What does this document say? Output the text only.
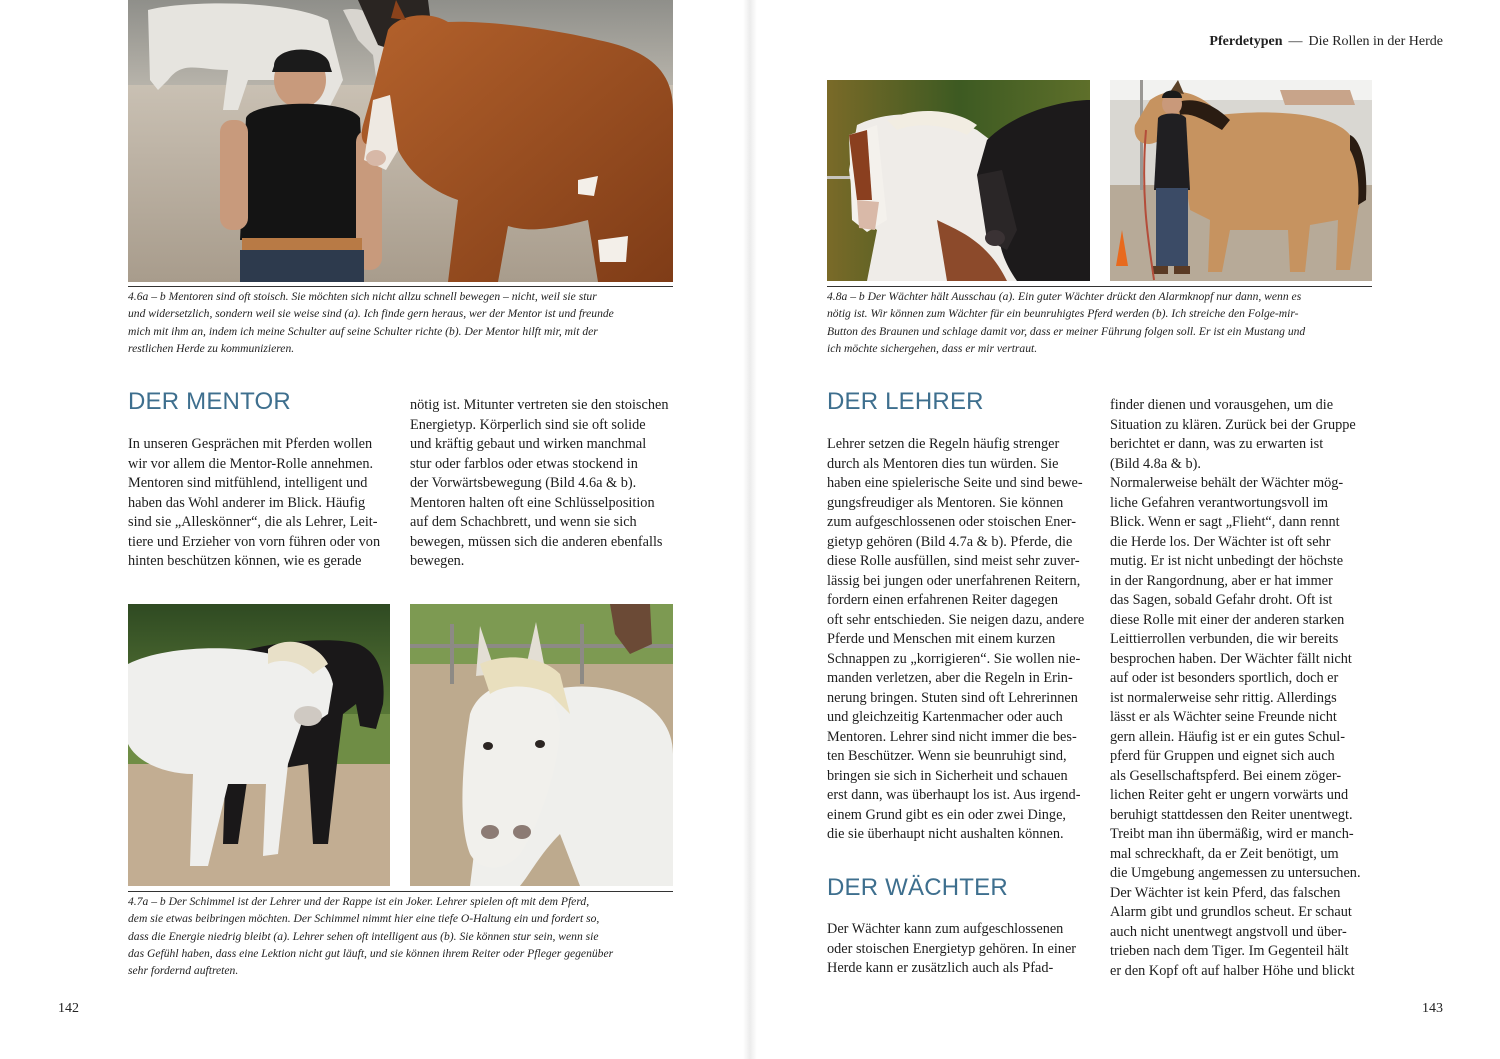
4.6a – b Mentoren sind oft stoisch. Sie möchten sich nicht allzu schnell bewegen – nicht, weil sie stur
und widersetzlich, sondern weil sie weise sind (a). Ich finde gern heraus, wer der Mentor ist und freunde
mich mit ihm an, indem ich meine Schulter auf seine Schulter richte (b). Der Mentor hilft mir, mit der
restlichen Herde zu kommunizieren.
DER MENTOR
In unseren Gesprächen mit Pferden wollen
wir vor allem die Mentor-Rolle annehmen.
Mentoren sind mitfühlend, intelligent und
haben das Wohl anderer im Blick. Häufig
sind sie „Alleskönner“, die als Lehrer, Leit-
tiere und Erzieher von vorn führen oder von
hinten beschützen können, wie es gerade
nötig ist. Mitunter vertreten sie den stoischen
Energietyp. Körperlich sind sie oft solide
und kräftig gebaut und wirken manchmal
stur oder farblos oder etwas stockend in
der Vorwärtsbewegung (Bild 4.6a & b).
Mentoren halten oft eine Schlüsselposition
auf dem Schachbrett, und wenn sie sich
bewegen, müssen sich die anderen ebenfalls
bewegen.
4.7a – b Der Schimmel ist der Lehrer und der Rappe ist ein Joker. Lehrer spielen oft mit dem Pferd,
dem sie etwas beibringen möchten. Der Schimmel nimmt hier eine tiefe O-Haltung ein und fordert so,
dass die Energie niedrig bleibt (a). Lehrer sehen oft intelligent aus (b). Sie können stur sein, wenn sie
das Gefühl haben, dass eine Lektion nicht gut läuft, und sie können ihrem Reiter oder Pfleger gegenüber
sehr fordernd auftreten.
142
Pferdetypen — Die Rollen in der Herde
4.8a – b Der Wächter hält Ausschau (a). Ein guter Wächter drückt den Alarmknopf nur dann, wenn es
nötig ist. Wir können zum Wächter für ein beunruhigtes Pferd werden (b). Ich streiche den Folge-mir-
Button des Braunen und schlage damit vor, dass er meiner Führung folgen soll. Er ist ein Mustang und
ich möchte sichergehen, dass er mir vertraut.
DER LEHRER
Lehrer setzen die Regeln häufig strenger
durch als Mentoren dies tun würden. Sie
haben eine spielerische Seite und sind bewe-
gungsfreudiger als Mentoren. Sie können
zum aufgeschlossenen oder stoischen Ener-
gietyp gehören (Bild 4.7a & b). Pferde, die
diese Rolle ausfüllen, sind meist sehr zuver-
lässig bei jungen oder unerfahrenen Reitern,
fordern einen erfahrenen Reiter dagegen
oft sehr entschieden. Sie neigen dazu, andere
Pferde und Menschen mit einem kurzen
Schnappen zu „korrigieren“. Sie wollen nie-
manden verletzen, aber die Regeln in Erin-
nerung bringen. Stuten sind oft Lehrerinnen
und gleichzeitig Kartenmacher oder auch
Mentoren. Lehrer sind nicht immer die bes-
ten Beschützer. Wenn sie beunruhigt sind,
bringen sie sich in Sicherheit und schauen
erst dann, was überhaupt los ist. Aus irgend-
einem Grund gibt es ein oder zwei Dinge,
die sie überhaupt nicht aushalten können.
DER WÄCHTER
Der Wächter kann zum aufgeschlossenen
oder stoischen Energietyp gehören. In einer
Herde kann er zusätzlich auch als Pfad-
finder dienen und vorausgehen, um die
Situation zu klären. Zurück bei der Gruppe
berichtet er dann, was zu erwarten ist
(Bild 4.8a & b).
Normalerweise behält der Wächter mög-
liche Gefahren verantwortungsvoll im
Blick. Wenn er sagt „Flieht“, dann rennt
die Herde los. Der Wächter ist oft sehr
mutig. Er ist nicht unbedingt der höchste
in der Rangordnung, aber er hat immer
das Sagen, sobald Gefahr droht. Oft ist
diese Rolle mit einer der anderen starken
Leittierrollen verbunden, die wir bereits
besprochen haben. Der Wächter fällt nicht
auf oder ist besonders sportlich, doch er
ist normalerweise sehr rittig. Allerdings
lässt er als Wächter seine Freunde nicht
gern allein. Häufig ist er ein gutes Schul-
pferd für Gruppen und eignet sich auch
als Gesellschaftspferd. Bei einem zöger-
lichen Reiter geht er ungern vorwärts und
beruhigt stattdessen den Reiter unentwegt.
Treibt man ihn übermäßig, wird er manch-
mal schreckhaft, da er Zeit benötigt, um
die Umgebung angemessen zu untersuchen.
Der Wächter ist kein Pferd, das falschen
Alarm gibt und grundlos scheut. Er schaut
auch nicht unentwegt angstvoll und über-
trieben nach dem Tiger. Im Gegenteil hält
er den Kopf oft auf halber Höhe und blickt
143
